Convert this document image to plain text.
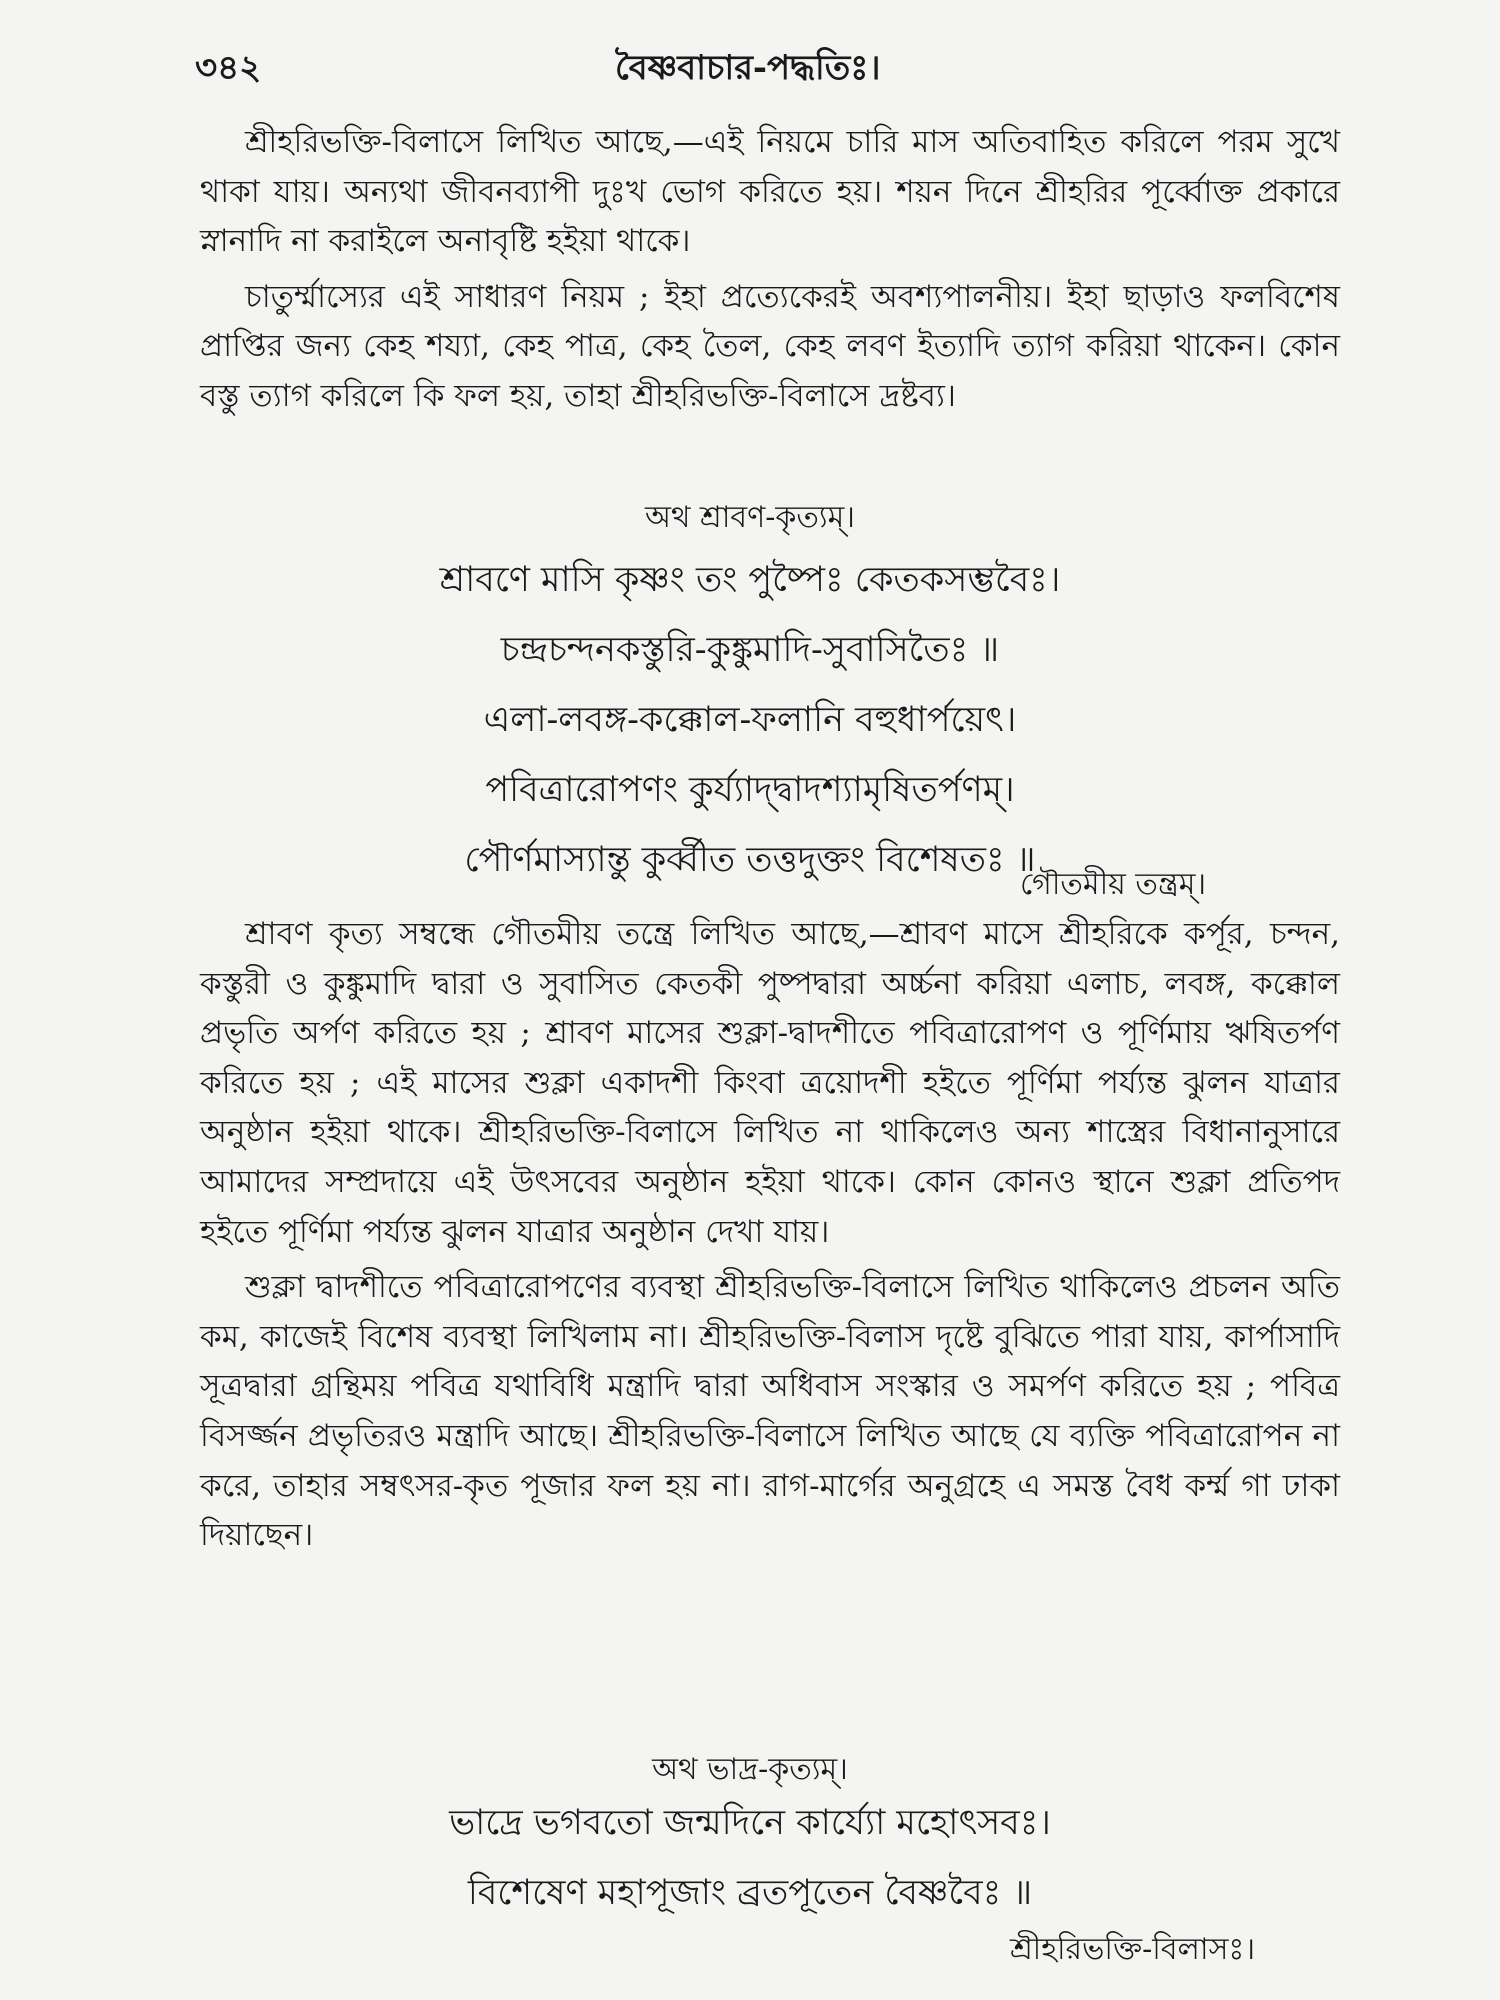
৩৪২	বৈষ্ণবাচার-পদ্ধতিঃ।

শ্রীহরিভক্তি-বিলাসে লিখিত আছে,—এই নিয়মে চারি মাস অতিবাহিত করিলে পরম সুখে থাকা যায়। অন্যথা জীবনব্যাপী দুঃখ ভোগ করিতে হয়। শয়ন দিনে শ্রীহরির পূর্ব্বোক্ত প্রকারে স্নানাদি না করাইলে অনাবৃষ্টি হইয়া থাকে।

চাতুর্ম্মাস্যের এই সাধারণ নিয়ম ; ইহা প্রত্যেকেরই অবশ্যপালনীয়। ইহা ছাড়াও ফলবিশেষ প্রাপ্তির জন্য কেহ শয্যা, কেহ পাত্র, কেহ তৈল, কেহ লবণ ইত্যাদি ত্যাগ করিয়া থাকেন। কোন বস্তু ত্যাগ করিলে কি ফল হয়, তাহা শ্রীহরিভক্তি-বিলাসে দ্রষ্টব্য।

অথ শ্রাবণ-কৃত্যম্।
শ্রাবণে মাসি কৃষ্ণং তং পুষ্পৈঃ কেতকসম্ভবৈঃ।
চন্দ্রচন্দনকস্তুরি-কুঙ্কুমাদি-সুবাসিতৈঃ ॥
এলা-লবঙ্গ-কক্কোল-ফলানি বহুধার্পয়েৎ।
পবিত্রারোপণং কুর্য্যাদ্দ্বাদশ্যামৃষিতর্পণম্।
পৌর্ণমাস্যান্তু কুর্ব্বীত তত্তদুক্তং বিশেষতঃ ॥
গৌতমীয় তন্ত্রম্।

শ্রাবণ কৃত্য সম্বন্ধে গৌতমীয় তন্ত্রে লিখিত আছে,—শ্রাবণ মাসে শ্রীহরিকে কর্পূর, চন্দন, কস্তুরী ও কুঙ্কুমাদি দ্বারা ও সুবাসিত কেতকী পুষ্পদ্বারা অর্চ্চনা করিয়া এলাচ, লবঙ্গ, কক্কোল প্রভৃতি অর্পণ করিতে হয় ; শ্রাবণ মাসের শুক্লা-দ্বাদশীতে পবিত্রারোপণ ও পূর্ণিমায় ঋষিতর্পণ করিতে হয় ; এই মাসের শুক্লা একাদশী কিংবা ত্রয়োদশী হইতে পূর্ণিমা পর্য্যন্ত ঝুলন যাত্রার অনুষ্ঠান হইয়া থাকে। শ্রীহরিভক্তি-বিলাসে লিখিত না থাকিলেও অন্য শাস্ত্রের বিধানানুসারে আমাদের সম্প্রদায়ে এই উৎসবের অনুষ্ঠান হইয়া থাকে। কোন কোনও স্থানে শুক্লা প্রতিপদ হইতে পূর্ণিমা পর্য্যন্ত ঝুলন যাত্রার অনুষ্ঠান দেখা যায়।

শুক্লা দ্বাদশীতে পবিত্রারোপণের ব্যবস্থা শ্রীহরিভক্তি-বিলাসে লিখিত থাকিলেও প্রচলন অতি কম, কাজেই বিশেষ ব্যবস্থা লিখিলাম না। শ্রীহরিভক্তি-বিলাস দৃষ্টে বুঝিতে পারা যায়, কার্পাসাদি সূত্রদ্বারা গ্রন্থিময় পবিত্র যথাবিধি মন্ত্রাদি দ্বারা অধিবাস সংস্কার ও সমর্পণ করিতে হয় ; পবিত্র বিসর্জ্জন প্রভৃতিরও মন্ত্রাদি আছে। শ্রীহরিভক্তি-বিলাসে লিখিত আছে যে ব্যক্তি পবিত্রারোপন না করে, তাহার সম্বৎসর-কৃত পূজার ফল হয় না। রাগ-মার্গের অনুগ্রহে এ সমস্ত বৈধ কর্ম্ম গা ঢাকা দিয়াছেন।

অথ ভাদ্র-কৃত্যম্।
ভাদ্রে ভগবতো জন্মদিনে কার্য্যো মহোৎসবঃ।
বিশেষেণ মহাপূজাং ব্রতপূতেন বৈষ্ণবৈঃ ॥
শ্রীহরিভক্তি-বিলাসঃ।
